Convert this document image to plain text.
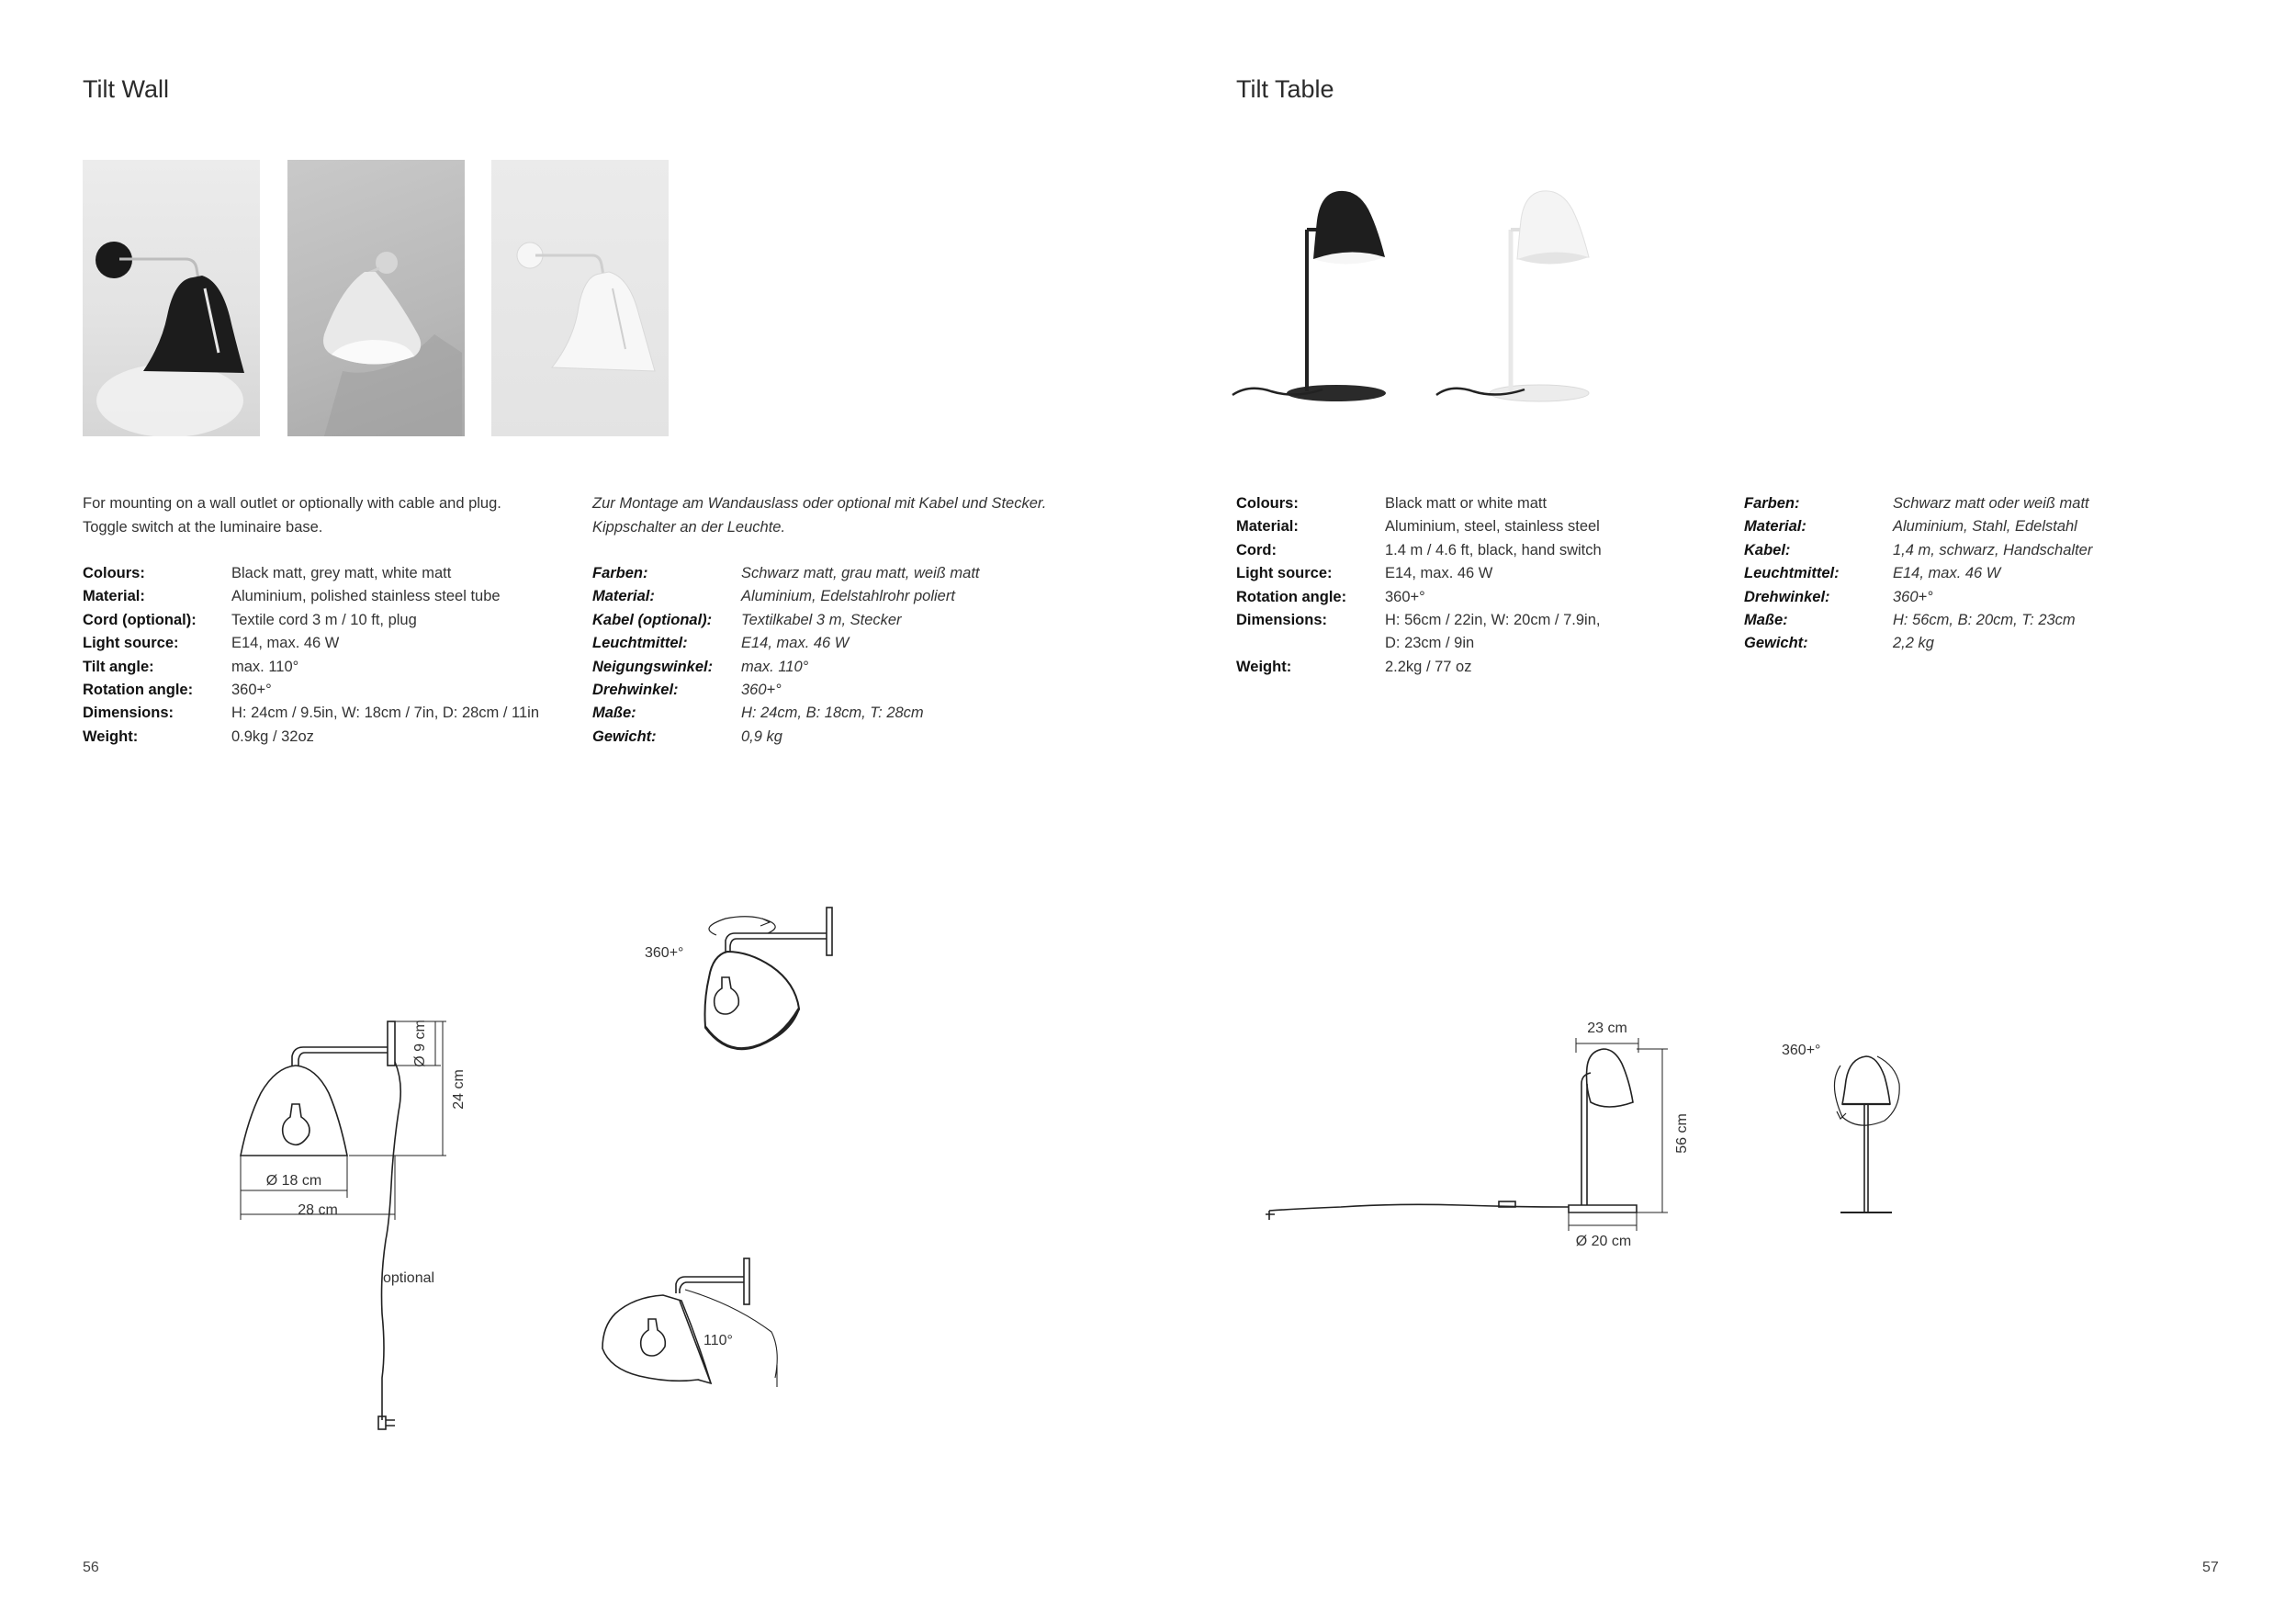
Tilt Wall
For mounting on a wall outlet or optionally with cable and plug.
Toggle switch at the luminaire base.
Zur Montage am Wandauslass oder optional mit Kabel und Stecker.
Kippschalter an der Leuchte.
Colours:	Black matt, grey matt, white matt
Material:	Aluminium, polished stainless steel tube
Cord (optional):	Textile cord 3 m / 10 ft, plug
Light source:	E14, max. 46 W
Tilt angle:	max. 110°
Rotation angle:	360+°
Dimensions:	H: 24cm / 9.5in, W: 18cm / 7in, D: 28cm / 11in
Weight:	0.9kg / 32oz
Farben:	Schwarz matt, grau matt, weiß matt
Material:	Aluminium, Edelstahlrohr poliert
Kabel (optional):	Textilkabel 3 m, Stecker
Leuchtmittel:	E14, max. 46 W
Neigungswinkel:	max. 110°
Drehwinkel:	360+°
Maße:	H: 24cm, B: 18cm, T: 28cm
Gewicht:	0,9 kg
Ø 9 cm
24 cm
Ø 18 cm
28 cm
optional
360+°
110°
56
Tilt Table
Colours:	Black matt or white matt
Material:	Aluminium, steel, stainless steel
Cord:	1.4 m / 4.6 ft, black, hand switch
Light source:	E14, max. 46 W
Rotation angle:	360+°
Dimensions:	H: 56cm / 22in, W: 20cm / 7.9in,
	D: 23cm / 9in
Weight:	2.2kg / 77 oz
Farben:	Schwarz matt oder weiß matt
Material:	Aluminium, Stahl, Edelstahl
Kabel:	1,4 m, schwarz, Handschalter
Leuchtmittel:	E14, max. 46 W
Drehwinkel:	360+°
Maße:	H: 56cm, B: 20cm, T: 23cm
Gewicht:	2,2 kg
23 cm
56 cm
Ø 20 cm
360+°
57
